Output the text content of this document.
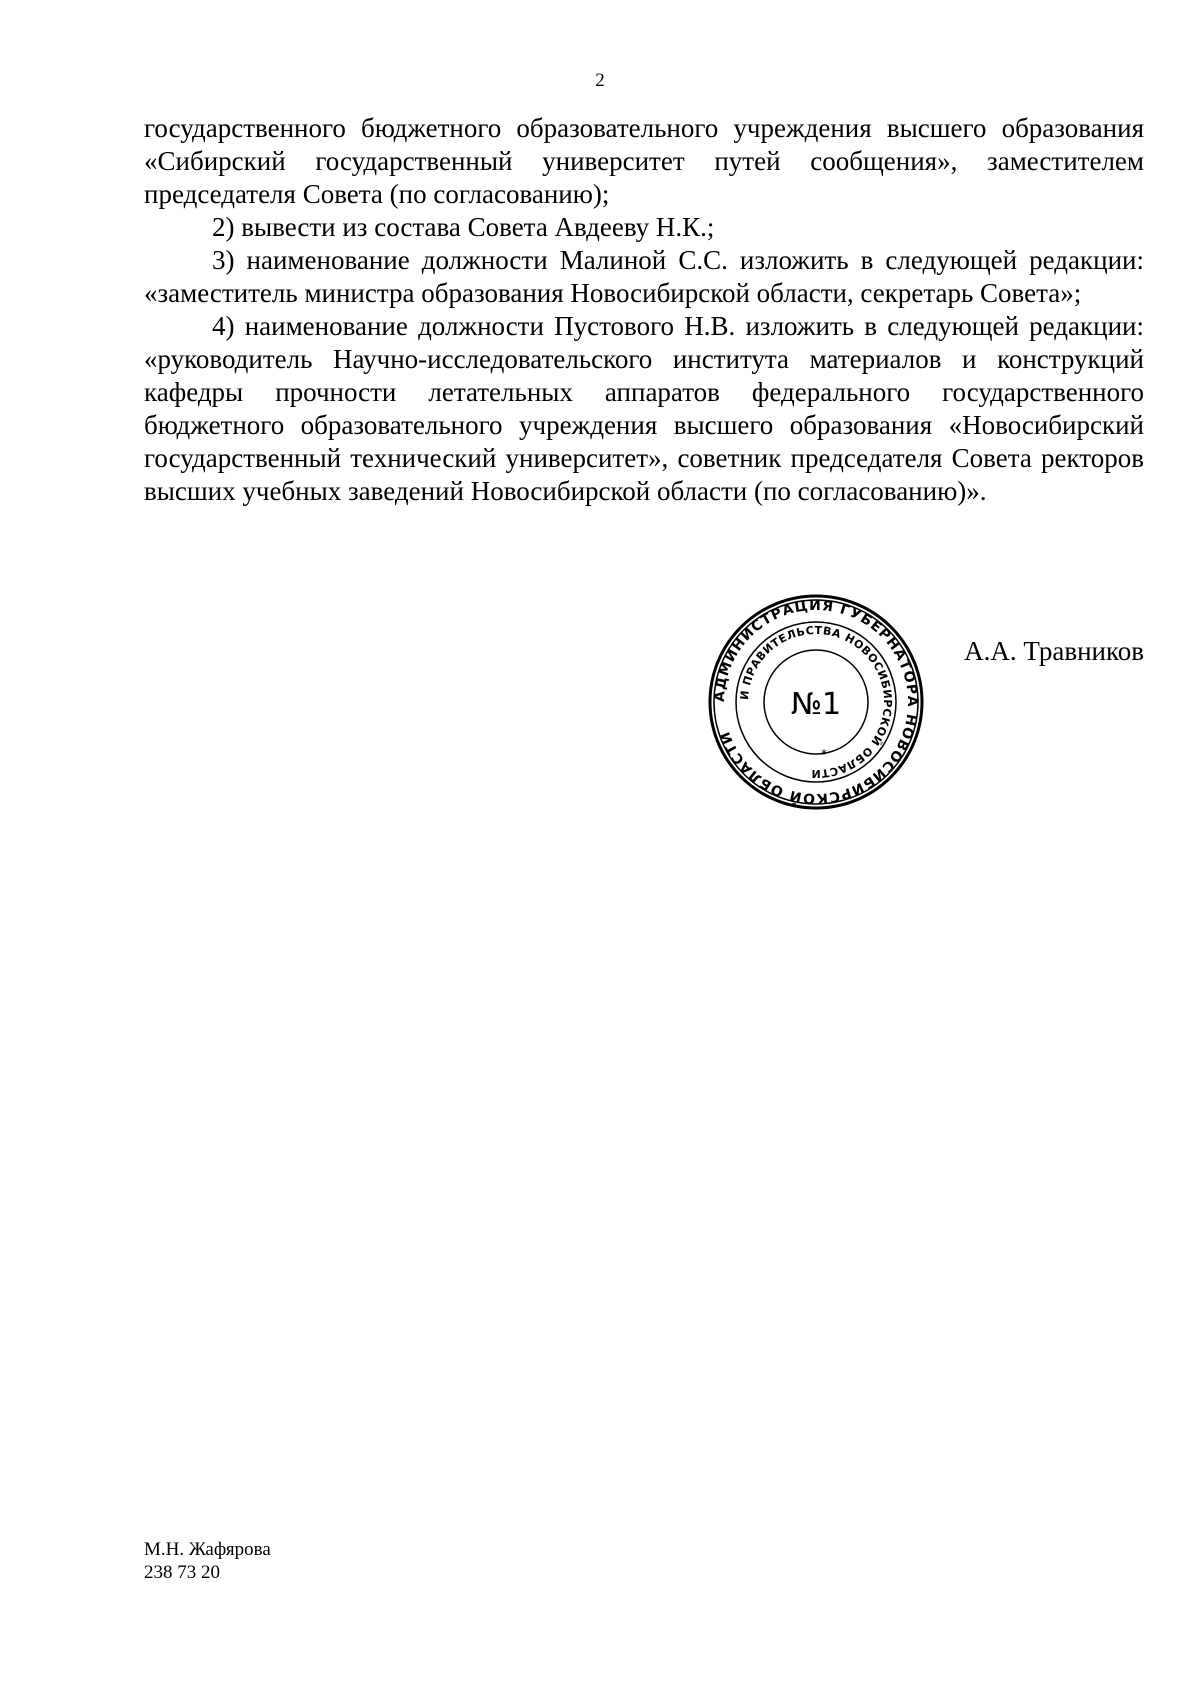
2

государственного бюджетного образовательного учреждения высшего образования «Сибирский государственный университет путей сообщения», заместителем председателя Совета (по согласованию);

2) вывести из состава Совета Авдееву Н.К.;

3) наименование должности Малиной С.С. изложить в следующей редакции: «заместитель министра образования Новосибирской области, секретарь Совета»;

4) наименование должности Пустового Н.В. изложить в следующей редакции: «руководитель Научно-исследовательского института материалов и конструкций кафедры прочности летательных аппаратов федерального государственного бюджетного образовательного учреждения высшего образования «Новосибирский государственный технический университет», советник председателя Совета ректоров высших учебных заведений Новосибирской области (по согласованию)».

АДМИНИСТРАЦИЯ ГУБЕРНАТОРА НОВОСИБИРСКОЙ ОБЛАСТИ
И ПРАВИТЕЛЬСТВА НОВОСИБИРСКОЙ ОБЛАСТИ
№1
*
А.А. Травников
М.Н. Жафярова
238 73 20
